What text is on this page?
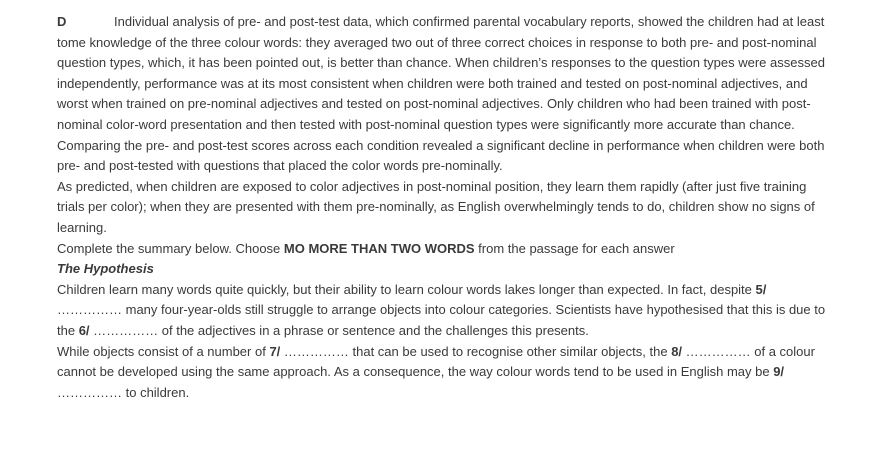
D	Individual analysis of pre- and post-test data, which confirmed parental vocabulary reports, showed the children had at least tome knowledge of the three colour words: they averaged two out of three correct choices in response to both pre- and post-nominal question types, which, it has been pointed out, is better than chance. When children’s responses to the question types were assessed independently, performance was at its most consistent when children were both trained and tested on post-nominal adjectives, and worst when trained on pre-nominal adjectives and tested on post-nominal adjectives. Only children who had been trained with post- nominal color-word presentation and then tested with post-nominal question types were significantly more accurate than chance. Comparing the pre- and post-test scores across each condition revealed a significant decline in performance when children were both pre- and post-tested with questions that placed the color words pre-nominally.

As predicted, when children are exposed to color adjectives in post-nominal position, they learn them rapidly (after just five training trials per color); when they are presented with them pre-nominally, as English overwhelmingly tends to do, children show no signs of learning.

Complete the summary below. Choose MO MORE THAN TWO WORDS from the passage for each answer

The Hypothesis

Children learn many words quite quickly, but their ability to learn colour words lakes longer than expected. In fact, despite 5/ …………… many four-year-olds still struggle to arrange objects into colour categories. Scientists have hypothesised that this is due to the 6/ …………… of the adjectives in a phrase or sentence and the challenges this presents.

While objects consist of a number of 7/ …………… that can be used to recognise other similar objects, the 8/ …………… of a colour cannot be developed using the same approach. As a consequence, the way colour words tend to be used in English may be 9/ …………… to children.
